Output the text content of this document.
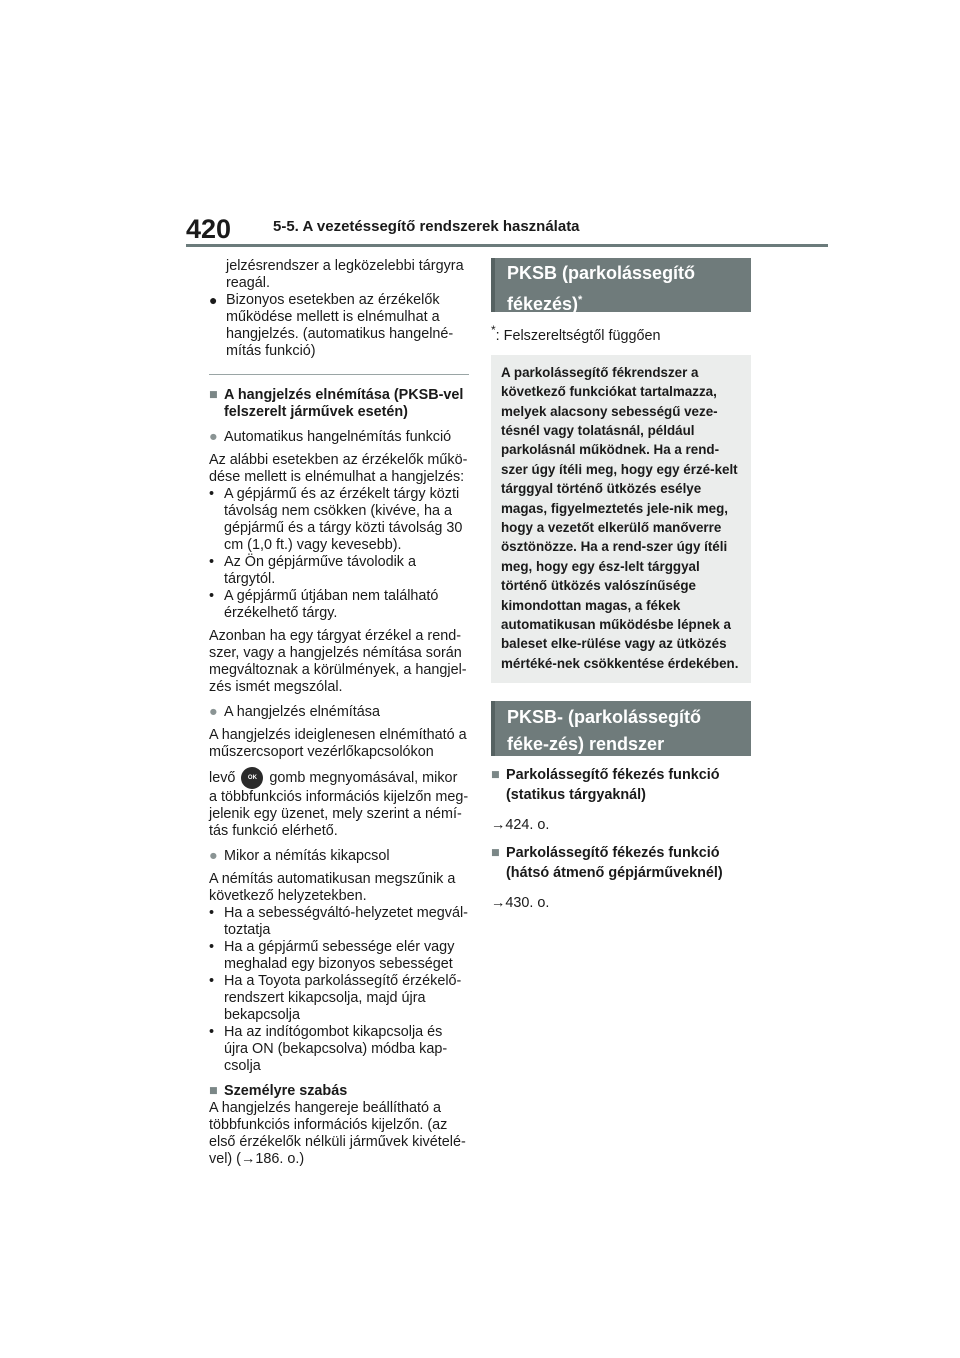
420	5-5. A vezetéssegítő rendszerek használata

jelzésrendszer a legközelebbi tárgyra reagál.

● Bizonyos esetekben az érzékelők működése mellett is elnémulhat a hangjelzés. (automatikus hangelné-mítás funkció)
■ A hangjelzés elnémítása (PKSB-vel felszerelt járművek esetén)
● Automatikus hangelnémítás funkció

Az alábbi esetekben az érzékelők műkö-dése mellett is elnémulhat a hangjelzés:

• A gépjármű és az érzékelt tárgy közti távolság nem csökken (kivéve, ha a gépjármű és a tárgy közti távolság 30 cm (1,0 ft.) vagy kevesebb).
• Az Ön gépjárműve távolodik a tárgytól.
• A gépjármű útjában nem található érzékelhető tárgy.

Azonban ha egy tárgyat érzékel a rend-szer, vagy a hangjelzés némítása során megváltoznak a körülmények, a hangjel-zés ismét megszólal.

● A hangjelzés elnémítása

A hangjelzés ideiglenesen elnémítható a műszercsoport vezérlőkapcsolókon

levő OK gomb megnyomásával, mikor a többfunkciós információs kijelzőn meg-jelenik egy üzenet, mely szerint a némí-tás funkció elérhető.

● Mikor a némítás kikapcsol

A némítás automatikusan megszűnik a következő helyzetekben.

• Ha a sebességváltó-helyzetet megvál-toztatja
• Ha a gépjármű sebessége elér vagy meghalad egy bizonyos sebességet
• Ha a Toyota parkolássegítő érzékelő-rendszert kikapcsolja, majd újra bekapcsolja
• Ha az indítógombot kikapcsolja és újra ON (bekapcsolva) módba kap-csolja
■ Személyre szabás

A hangjelzés hangereje beállítható a többfunkciós információs kijelzőn. (az első érzékelők nélküli járművek kivételé-vel) (→186. o.)

PKSB (parkolássegítő fékezés)*

*: Felszereltségtől függően

A parkolássegítő fékrendszer a következő funkciókat tartalmazza, melyek alacsony sebességű veze-tésnél vagy tolatásnál, például parkolásnál működnek. Ha a rend-szer úgy ítéli meg, hogy egy érzé-kelt tárggyal történő ütközés esélye magas, figyelmeztetés jele-nik meg, hogy a vezetőt elkerülő manőverre ösztönözze. Ha a rend-szer úgy ítéli meg, hogy egy ész-lelt tárggyal történő ütközés valószínűsége kimondottan magas, a fékek automatikusan működésbe lépnek a baleset elke-rülése vagy az ütközés mértéké-nek csökkentése érdekében.
PKSB- (parkolássegítő féke-zés) rendszer
■ Parkolássegítő fékezés funkció (statikus tárgyaknál)

→424. o.

■ Parkolássegítő fékezés funkció (hátsó átmenő gépjárműveknél)

→430. o.
